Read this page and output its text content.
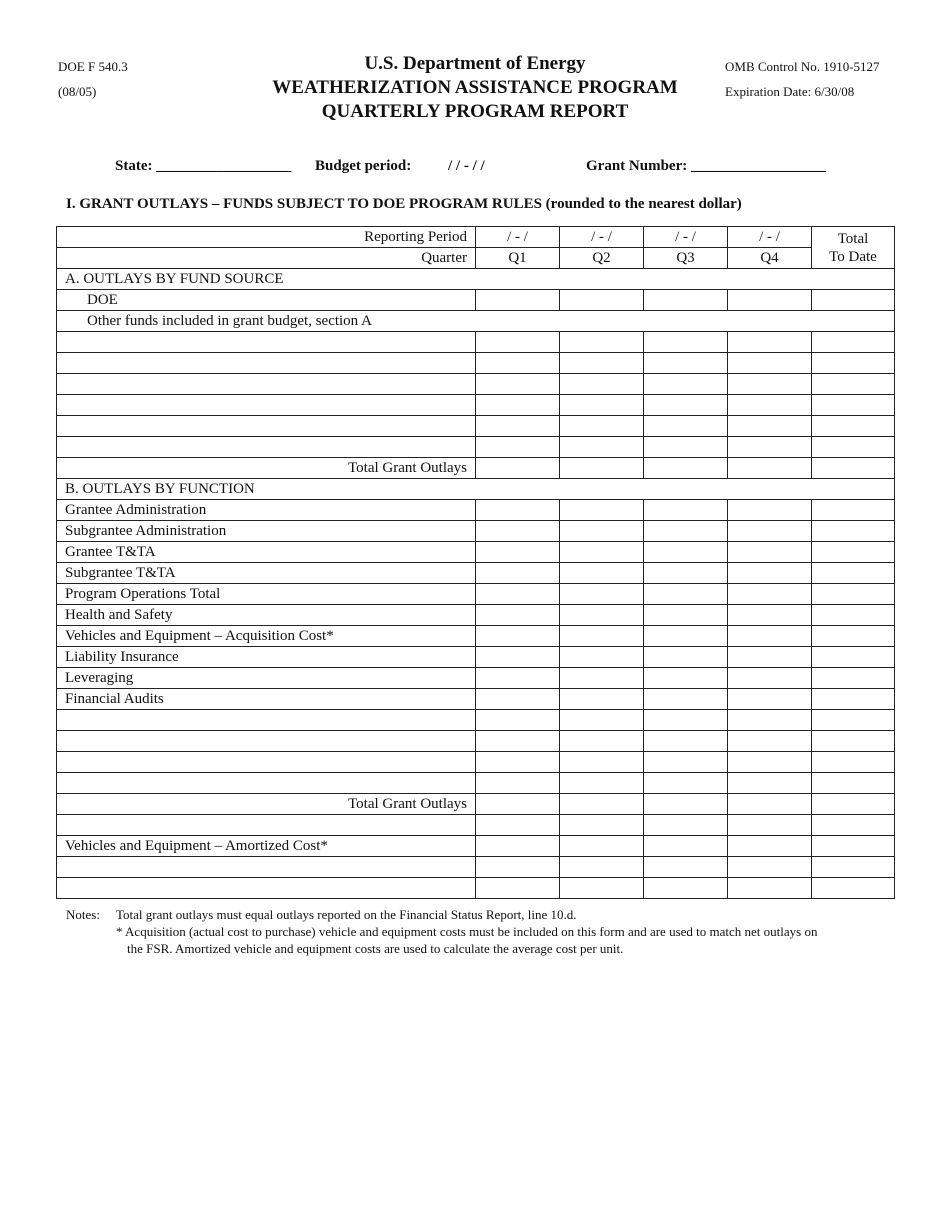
DOE F 540.3
(08/05)
U.S. Department of Energy
WEATHERIZATION ASSISTANCE PROGRAM
QUARTERLY PROGRAM REPORT
OMB Control No. 1910-5127
Expiration Date: 6/30/08
State: __________________ Budget period: / / - / /	Grant Number: __________________
I. GRANT OUTLAYS – FUNDS SUBJECT TO DOE PROGRAM RULES (rounded to the nearest dollar)
Reporting Period	/ - /	/ - /	/ - /	/ - /	Total
To Date

Quarter	Q1	Q2	Q3	Q4	
A. OUTLAYS BY FUND SOURCE					
DOE					
Other funds included in grant budget, section A					

Total Grant Outlays					
B. OUTLAYS BY FUNCTION					
Grantee Administration					
Subgrantee Administration					
Grantee T&TA					
Subgrantee T&TA					
Program Operations Total					
Health and Safety					
Vehicles and Equipment – Acquisition Cost*					
Liability Insurance					
Leveraging					
Financial Audits					

Total Grant Outlays					

Vehicles and Equipment – Amortized Cost*					

Notes: Total grant outlays must equal outlays reported on the Financial Status Report, line 10.d.
* Acquisition (actual cost to purchase) vehicle and equipment costs must be included on this form and are used to match net outlays on
the FSR. Amortized vehicle and equipment costs are used to calculate the average cost per unit.
